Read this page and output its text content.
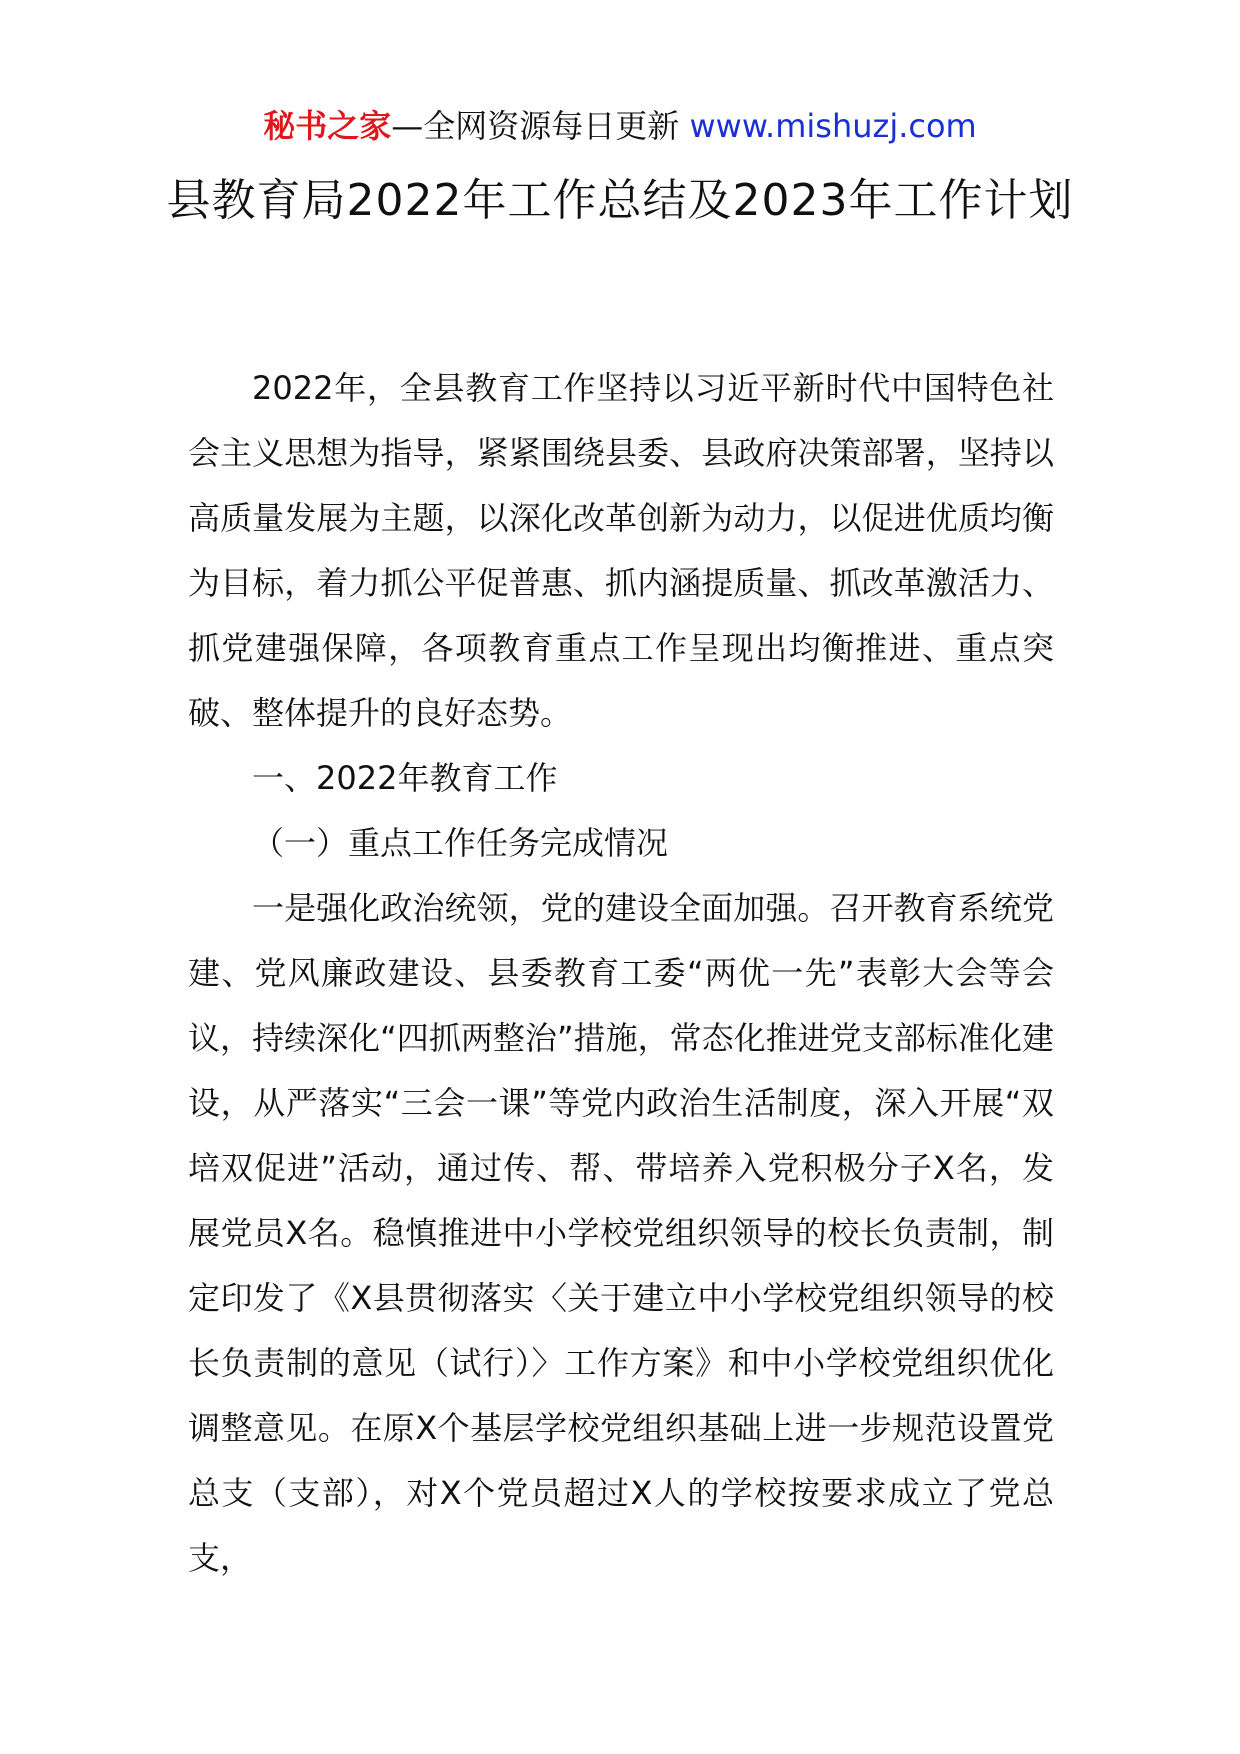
秘书之家—全网资源每日更新 www.mishuzj.com
县教育局2022年工作总结及2023年工作计划

2022年，全县教育工作坚持以习近平新时代中国特色社会主义思想为指导，紧紧围绕县委、县政府决策部署，坚持以高质量发展为主题，以深化改革创新为动力，以促进优质均衡为目标，着力抓公平促普惠、抓内涵提质量、抓改革激活力、抓党建强保障，各项教育重点工作呈现出均衡推进、重点突破、整体提升的良好态势。

一、2022年教育工作

（一）重点工作任务完成情况

一是强化政治统领，党的建设全面加强。召开教育系统党建、党风廉政建设、县委教育工委“两优一先”表彰大会等会议，持续深化“四抓两整治”措施，常态化推进党支部标准化建设，从严落实“三会一课”等党内政治生活制度，深入开展“双培双促进”活动，通过传、帮、带培养入党积极分子X名，发展党员X名。稳慎推进中小学校党组织领导的校长负责制，制定印发了《X县贯彻落实〈关于建立中小学校党组织领导的校长负责制的意见（试行）〉工作方案》和中小学校党组织优化调整意见。在原X个基层学校党组织基础上进一步规范设置党总支（支部），对X个党员超过X人的学校按要求成立了党总支，
